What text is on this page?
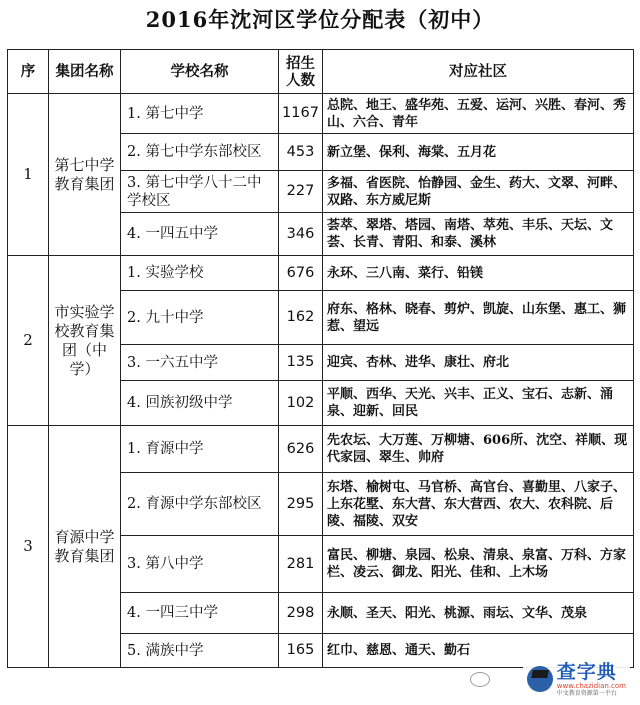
2016年沈河区学位分配表（初中）
序	集团名称	学校名称	招生人数	对应社区
1	第七中学教育集团	1. 第七中学	1167	总院、地王、盛华苑、五爱、运河、兴胜、春河、秀山、六合、青年
		2. 第七中学东部校区	453	新立堡、保利、海棠、五月花
		3. 第七中学八十二中学校区	227	多福、省医院、怡静园、金生、药大、文翠、河畔、双路、东方威尼斯
		4. 一四五中学	346	荟萃、翠塔、塔园、南塔、萃苑、丰乐、天坛、文荟、长青、青阳、和泰、溪林
2	市实验学校教育集团（中学）	1. 实验学校	676	永环、三八南、菜行、铅镁
		2. 九十中学	162	府东、格林、晓春、剪炉、凯旋、山东堡、惠工、狮惹、望远
		3. 一六五中学	135	迎宾、杏林、进华、康壮、府北
		4. 回族初级中学	102	平顺、西华、天光、兴丰、正义、宝石、志新、涌泉、迎新、回民
3	育源中学教育集团	1. 育源中学	626	先农坛、大万莲、万柳塘、606所、沈空、祥顺、现代家园、翠生、帅府
		2. 育源中学东部校区	295	东塔、榆树屯、马官桥、高官台、喜勤里、八家子、上东花墅、东大营、东大营西、农大、农科院、后陵、福陵、双安
		3. 第八中学	281	富民、柳塘、泉园、松泉、清泉、泉富、万科、方家栏、凌云、御龙、阳光、佳和、上木场
		4. 一四三中学	298	永顺、圣天、阳光、桃源、雨坛、文华、茂泉
		5. 满族中学	165	红巾、慈恩、通天、勤石
查字典
www.chazidian.com
中文教育资源第一平台
